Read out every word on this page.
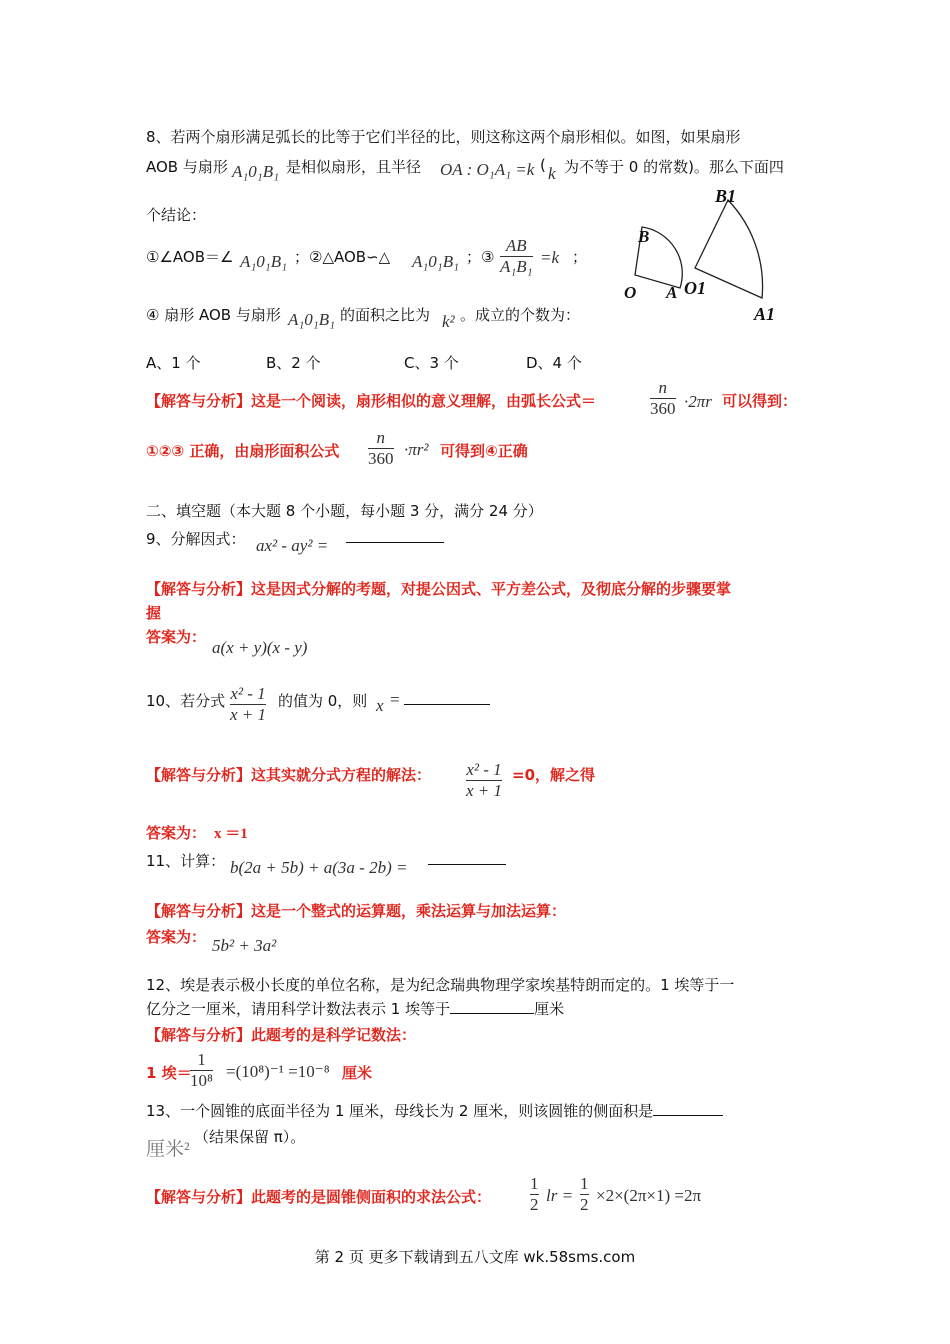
8、若两个扇形满足弧长的比等于它们半径的比，则这称这两个扇形相似。如图，如果扇形
AOB 与扇形 A₁0₁B₁ 是相似扇形，且半径 OA : O₁A₁ =k ( k 为不等于 0 的常数)。那么下面四
个结论：
①∠AOB＝∠ A₁0₁B₁ ；②△AOB∽△ A₁0₁B₁ ；③ $\frac{AB}{\text{A₁B₁}} =k$ ；
④ 扇形 AOB 与扇形 A₁0₁B₁ 的面积之比为 k² 。成立的个数为：
A、1 个	B、2 个	C、3 个	D、4 个
【解答与分析】这是一个阅读，扇形相似的意义理解，由弧长公式＝	$\frac{n}{360} \cdot 2\pi r$ 可以得到：
①②③ 正确，由扇形面积公式 $\frac{n}{360} \cdot\pi r^2$ 可得到④正确
B1
B
O A O1
A1
二、填空题（本大题 8 个小题，每小题 3 分，满分 24 分）
9、分解因式： ax² - ay² =
【解答与分析】这是因式分解的考题，对提公因式、平方差公式，及彻底分解的步骤要掌
握
答案为：
a(x + y)(x - y)
10、若分式 $\frac{\text{x² - 1}}{x + 1}$ 的值为 0，则 x =
【解答与分析】这其实就分式方程的解法： $\frac{\text{x² - 1}}{x + 1} =0$，解之得
答案为： x ＝1
11、计算： b(2a + 5b) + a(3a - 2b) =
【解答与分析】这是一个整式的运算题，乘法运算与加法运算：
答案为： 5b² + 3a²
12、埃是表示极小长度的单位名称，是为纪念瑞典物理学家埃基特朗而定的。1 埃等于一
亿分之一厘米，请用科学计数法表示 1 埃等于	厘米
【解答与分析】此题考的是科学记数法：
1 埃＝
$\frac{1}{\text{10⁸}} =(10^8)^{-1} =10^{-8}$ 厘米
13、一个圆锥的底面半径为 1 厘米，母线长为 2 厘米，则该圆锥的侧面积是
厘米²
（结果保留 π）。
【解答与分析】此题考的是圆锥侧面积的求法公式： $\frac{1}{2}$ lr = $\frac{1}{2} \times 2\times(2\pi\times 1) =2\pi$
第 2 页 更多下载请到五八文库 wk.58sms.com
